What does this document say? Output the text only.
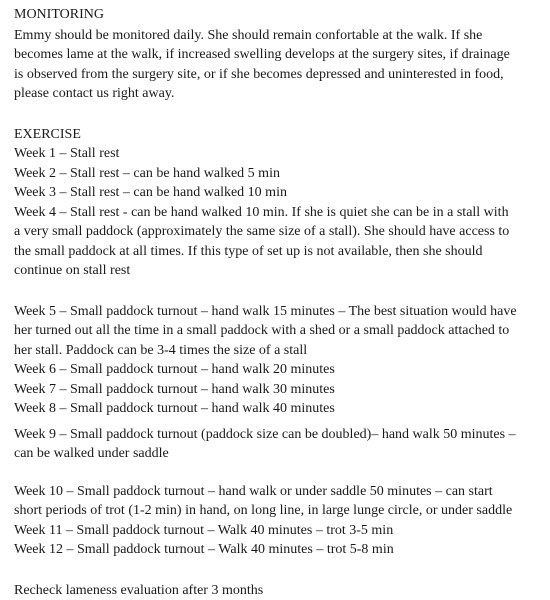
MONITORING
Emmy should be monitored daily. She should remain confortable at the walk. If she
becomes lame at the walk, if increased swelling develops at the surgery sites, if drainage
is observed from the surgery site, or if she becomes depressed and uninterested in food,
please contact us right away.
EXERCISE
Week 1 – Stall rest
Week 2 – Stall rest – can be hand walked 5 min
Week 3 – Stall rest – can be hand walked 10 min
Week 4 – Stall rest - can be hand walked 10 min. If she is quiet she can be in a stall with
a very small paddock (approximately the same size of a stall). She should have access to
the small paddock at all times. If this type of set up is not available, then she should
continue on stall rest
Week 5 – Small paddock turnout – hand walk 15 minutes – The best situation would have
her turned out all the time in a small paddock with a shed or a small paddock attached to
her stall. Paddock can be 3-4 times the size of a stall
Week 6 – Small paddock turnout – hand walk 20 minutes
Week 7 – Small paddock turnout – hand walk 30 minutes
Week 8 – Small paddock turnout – hand walk 40 minutes
Week 9 – Small paddock turnout (paddock size can be doubled)– hand walk 50 minutes –
can be walked under saddle
Week 10 – Small paddock turnout – hand walk or under saddle 50 minutes – can start
short periods of trot (1-2 min) in hand, on long line, in large lunge circle, or under saddle
Week 11 – Small paddock turnout – Walk 40 minutes – trot 3-5 min
Week 12 – Small paddock turnout – Walk 40 minutes – trot 5-8 min
Recheck lameness evaluation after 3 months
